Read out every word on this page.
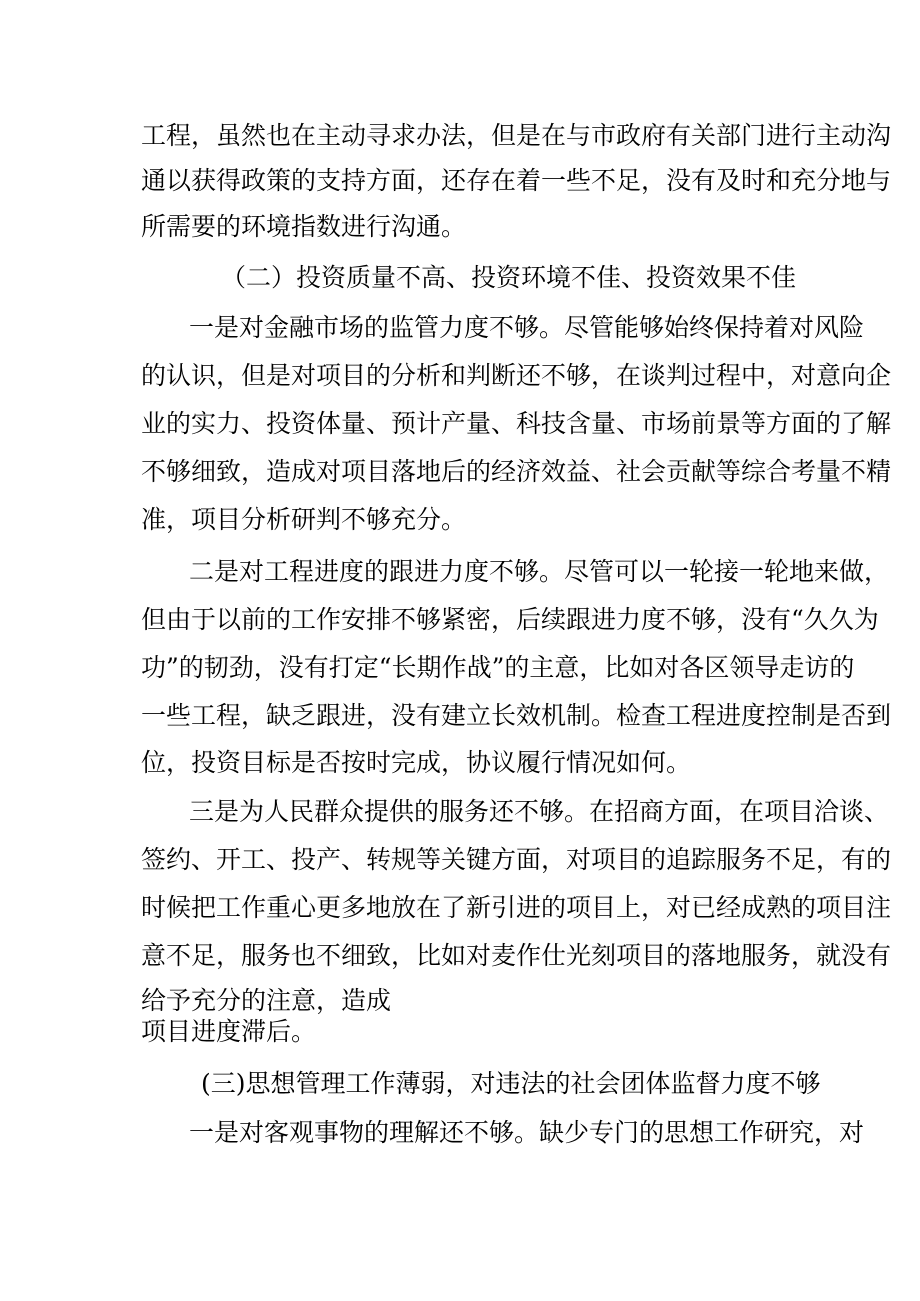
工程，虽然也在主动寻求办法，但是在与市政府有关部门进行主动沟
通以获得政策的支持方面，还存在着一些不足，没有及时和充分地与
所需要的环境指数进行沟通。
（二）投资质量不高、投资环境不佳、投资效果不佳
一是对金融市场的监管力度不够。尽管能够始终保持着对风险
的认识，但是对项目的分析和判断还不够，在谈判过程中，对意向企
业的实力、投资体量、预计产量、科技含量、市场前景等方面的了解
不够细致，造成对项目落地后的经济效益、社会贡献等综合考量不精
准，项目分析研判不够充分。
二是对工程进度的跟进力度不够。尽管可以一轮接一轮地来做，
但由于以前的工作安排不够紧密，后续跟进力度不够，没有“久久为
功”的韧劲，没有打定“长期作战”的主意，比如对各区领导走访的
一些工程，缺乏跟进，没有建立长效机制。检查工程进度控制是否到
位，投资目标是否按时完成，协议履行情况如何。
三是为人民群众提供的服务还不够。在招商方面，在项目洽谈、
签约、开工、投产、转规等关键方面，对项目的追踪服务不足，有的
时候把工作重心更多地放在了新引进的项目上，对已经成熟的项目注
意不足，服务也不细致，比如对麦作仕光刻项目的落地服务，就没有
给予充分的注意，造成
项目进度滞后。
(三)思想管理工作薄弱，对违法的社会团体监督力度不够
一是对客观事物的理解还不够。缺少专门的思想工作研究，对
